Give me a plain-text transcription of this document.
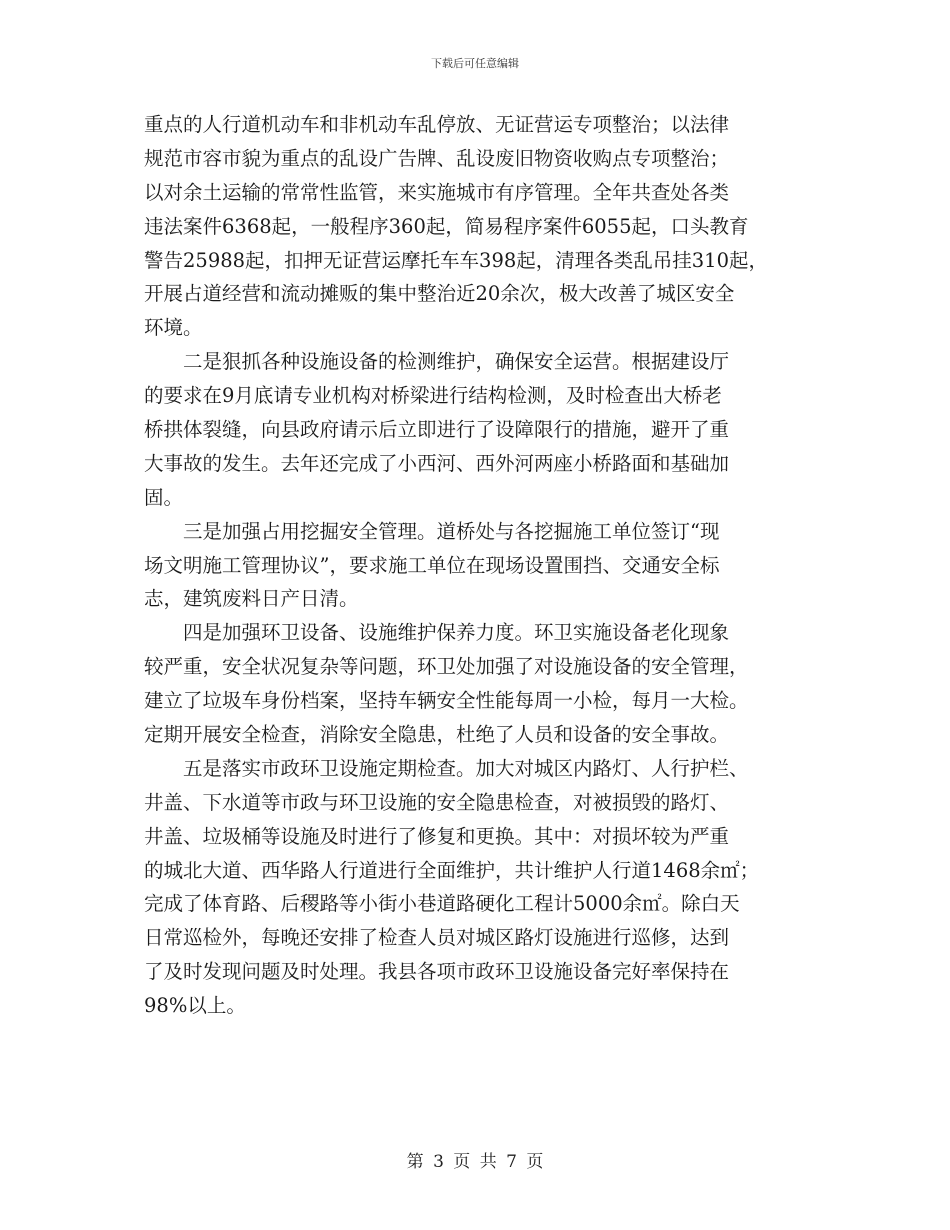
下载后可任意编辑
重点的人行道机动车和非机动车乱停放、无证营运专项整治；以法律
规范市容市貌为重点的乱设广告牌、乱设废旧物资收购点专项整治；
以对余土运输的常常性监管，来实施城市有序管理。全年共查处各类
违法案件6368起，一般程序360起，简易程序案件6055起，口头教育
警告25988起，扣押无证营运摩托车车398起，清理各类乱吊挂310起，
开展占道经营和流动摊贩的集中整治近20余次，极大改善了城区安全
环境。
二是狠抓各种设施设备的检测维护，确保安全运营。根据建设厅
的要求在9月底请专业机构对桥梁进行结构检测，及时检查出大桥老
桥拱体裂缝，向县政府请示后立即进行了设障限行的措施，避开了重
大事故的发生。去年还完成了小西河、西外河两座小桥路面和基础加
固。
三是加强占用挖掘安全管理。道桥处与各挖掘施工单位签订“现
场文明施工管理协议”，要求施工单位在现场设置围挡、交通安全标
志，建筑废料日产日清。
四是加强环卫设备、设施维护保养力度。环卫实施设备老化现象
较严重，安全状况复杂等问题，环卫处加强了对设施设备的安全管理，
建立了垃圾车身份档案，坚持车辆安全性能每周一小检，每月一大检。
定期开展安全检查，消除安全隐患，杜绝了人员和设备的安全事故。
五是落实市政环卫设施定期检查。加大对城区内路灯、人行护栏、
井盖、下水道等市政与环卫设施的安全隐患检查，对被损毁的路灯、
井盖、垃圾桶等设施及时进行了修复和更换。其中：对损坏较为严重
的城北大道、西华路人行道进行全面维护，共计维护人行道1468余㎡；
完成了体育路、后稷路等小街小巷道路硬化工程计5000余㎡。除白天
日常巡检外，每晚还安排了检查人员对城区路灯设施进行巡修，达到
了及时发现问题及时处理。我县各项市政环卫设施设备完好率保持在
98%以上。
第 3 页 共 7 页
